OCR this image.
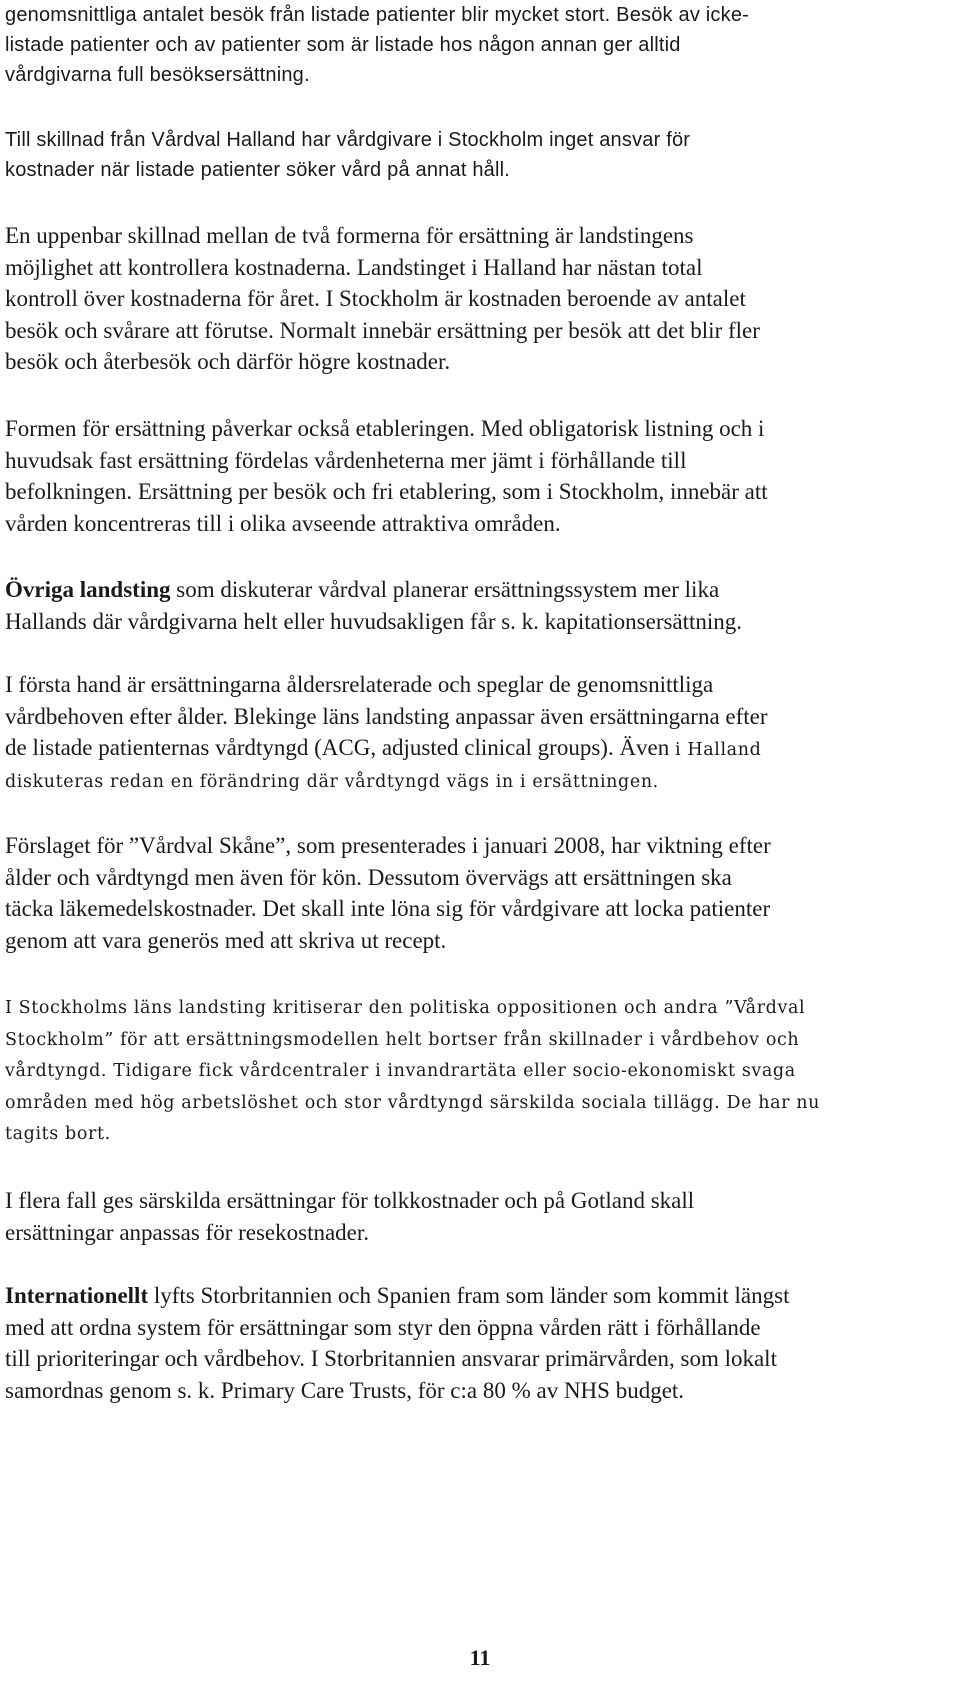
genomsnittliga antalet besök från listade patienter blir mycket stort. Besök av icke-
listade patienter och av patienter som är listade hos någon annan ger alltid
vårdgivarna full besöksersättning.
Till skillnad från Vårdval Halland har vårdgivare i Stockholm inget ansvar för
kostnader när listade patienter söker vård på annat håll.
En uppenbar skillnad mellan de två formerna för ersättning är landstingens
möjlighet att kontrollera kostnaderna. Landstinget i Halland har nästan total
kontroll över kostnaderna för året. I Stockholm är kostnaden beroende av antalet
besök och svårare att förutse. Normalt innebär ersättning per besök att det blir fler
besök och återbesök och därför högre kostnader.
Formen för ersättning påverkar också etableringen. Med obligatorisk listning och i
huvudsak fast ersättning fördelas vårdenheterna mer jämt i förhållande till
befolkningen. Ersättning per besök och fri etablering, som i Stockholm, innebär att
vården koncentreras till i olika avseende attraktiva områden.
Övriga landsting som diskuterar vårdval planerar ersättningssystem mer lika
Hallands där vårdgivarna helt eller huvudsakligen får s. k. kapitationsersättning.
I första hand är ersättningarna åldersrelaterade och speglar de genomsnittliga
vårdbehoven efter ålder. Blekinge läns landsting anpassar även ersättningarna efter
de listade patienternas vårdtyngd (ACG, adjusted clinical groups). Även i Halland
diskuteras redan en förändring där vårdtyngd vägs in i ersättningen.
Förslaget för ”Vårdval Skåne”, som presenterades i januari 2008, har viktning efter
ålder och vårdtyngd men även för kön. Dessutom övervägs att ersättningen ska
täcka läkemedelskostnader. Det skall inte löna sig för vårdgivare att locka patienter
genom att vara generös med att skriva ut recept.
I Stockholms läns landsting kritiserar den politiska oppositionen och andra ”Vårdval
Stockholm” för att ersättningsmodellen helt bortser från skillnader i vårdbehov och
vårdtyngd. Tidigare fick vårdcentraler i invandrartäta eller socio-ekonomiskt svaga
områden med hög arbetslöshet och stor vårdtyngd särskilda sociala tillägg. De har nu
tagits bort.
I flera fall ges särskilda ersättningar för tolkkostnader och på Gotland skall
ersättningar anpassas för resekostnader.
Internationellt lyfts Storbritannien och Spanien fram som länder som kommit längst
med att ordna system för ersättningar som styr den öppna vården rätt i förhållande
till prioriteringar och vårdbehov. I Storbritannien ansvarar primärvården, som lokalt
samordnas genom s. k. Primary Care Trusts, för c:a 80 % av NHS budget.
11
